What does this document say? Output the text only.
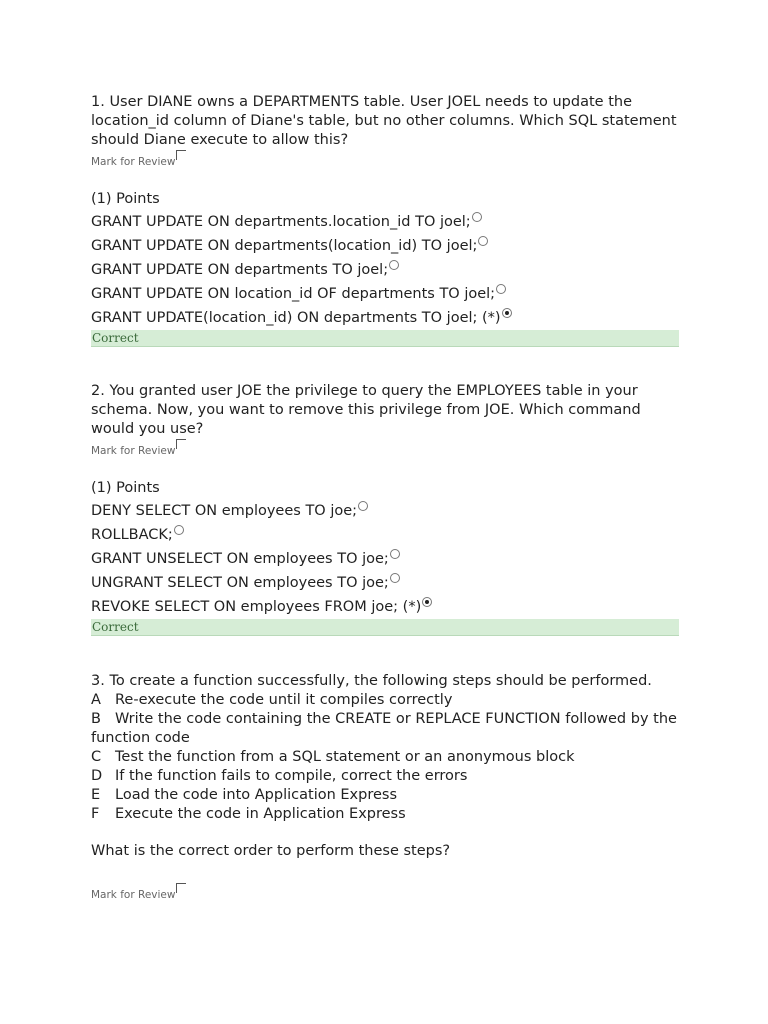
1. User DIANE owns a DEPARTMENTS table. User JOEL needs to update the location_id column of Diane's table, but no other columns. Which SQL statement should Diane execute to allow this?

Mark for Review
(1) Points
GRANT UPDATE ON departments.location_id TO joel;
GRANT UPDATE ON departments(location_id) TO joel;
GRANT UPDATE ON departments TO joel;
GRANT UPDATE ON location_id OF departments TO joel;
GRANT UPDATE(location_id) ON departments TO joel; (*)
Correct

2. You granted user JOE the privilege to query the EMPLOYEES table in your schema. Now, you want to remove this privilege from JOE. Which command would you use?

Mark for Review
(1) Points
DENY SELECT ON employees TO joe;
ROLLBACK;
GRANT UNSELECT ON employees TO joe;
UNGRANT SELECT ON employees TO joe;
REVOKE SELECT ON employees FROM joe; (*)
Correct

3. To create a function successfully, the following steps should be performed.

A Re-execute the code until it compiles correctly
B Write the code containing the CREATE or REPLACE FUNCTION followed by the function code
C Test the function from a SQL statement or an anonymous block
D If the function fails to compile, correct the errors
E Load the code into Application Express
F Execute the code in Application Express
What is the correct order to perform these steps?
Mark for Review
